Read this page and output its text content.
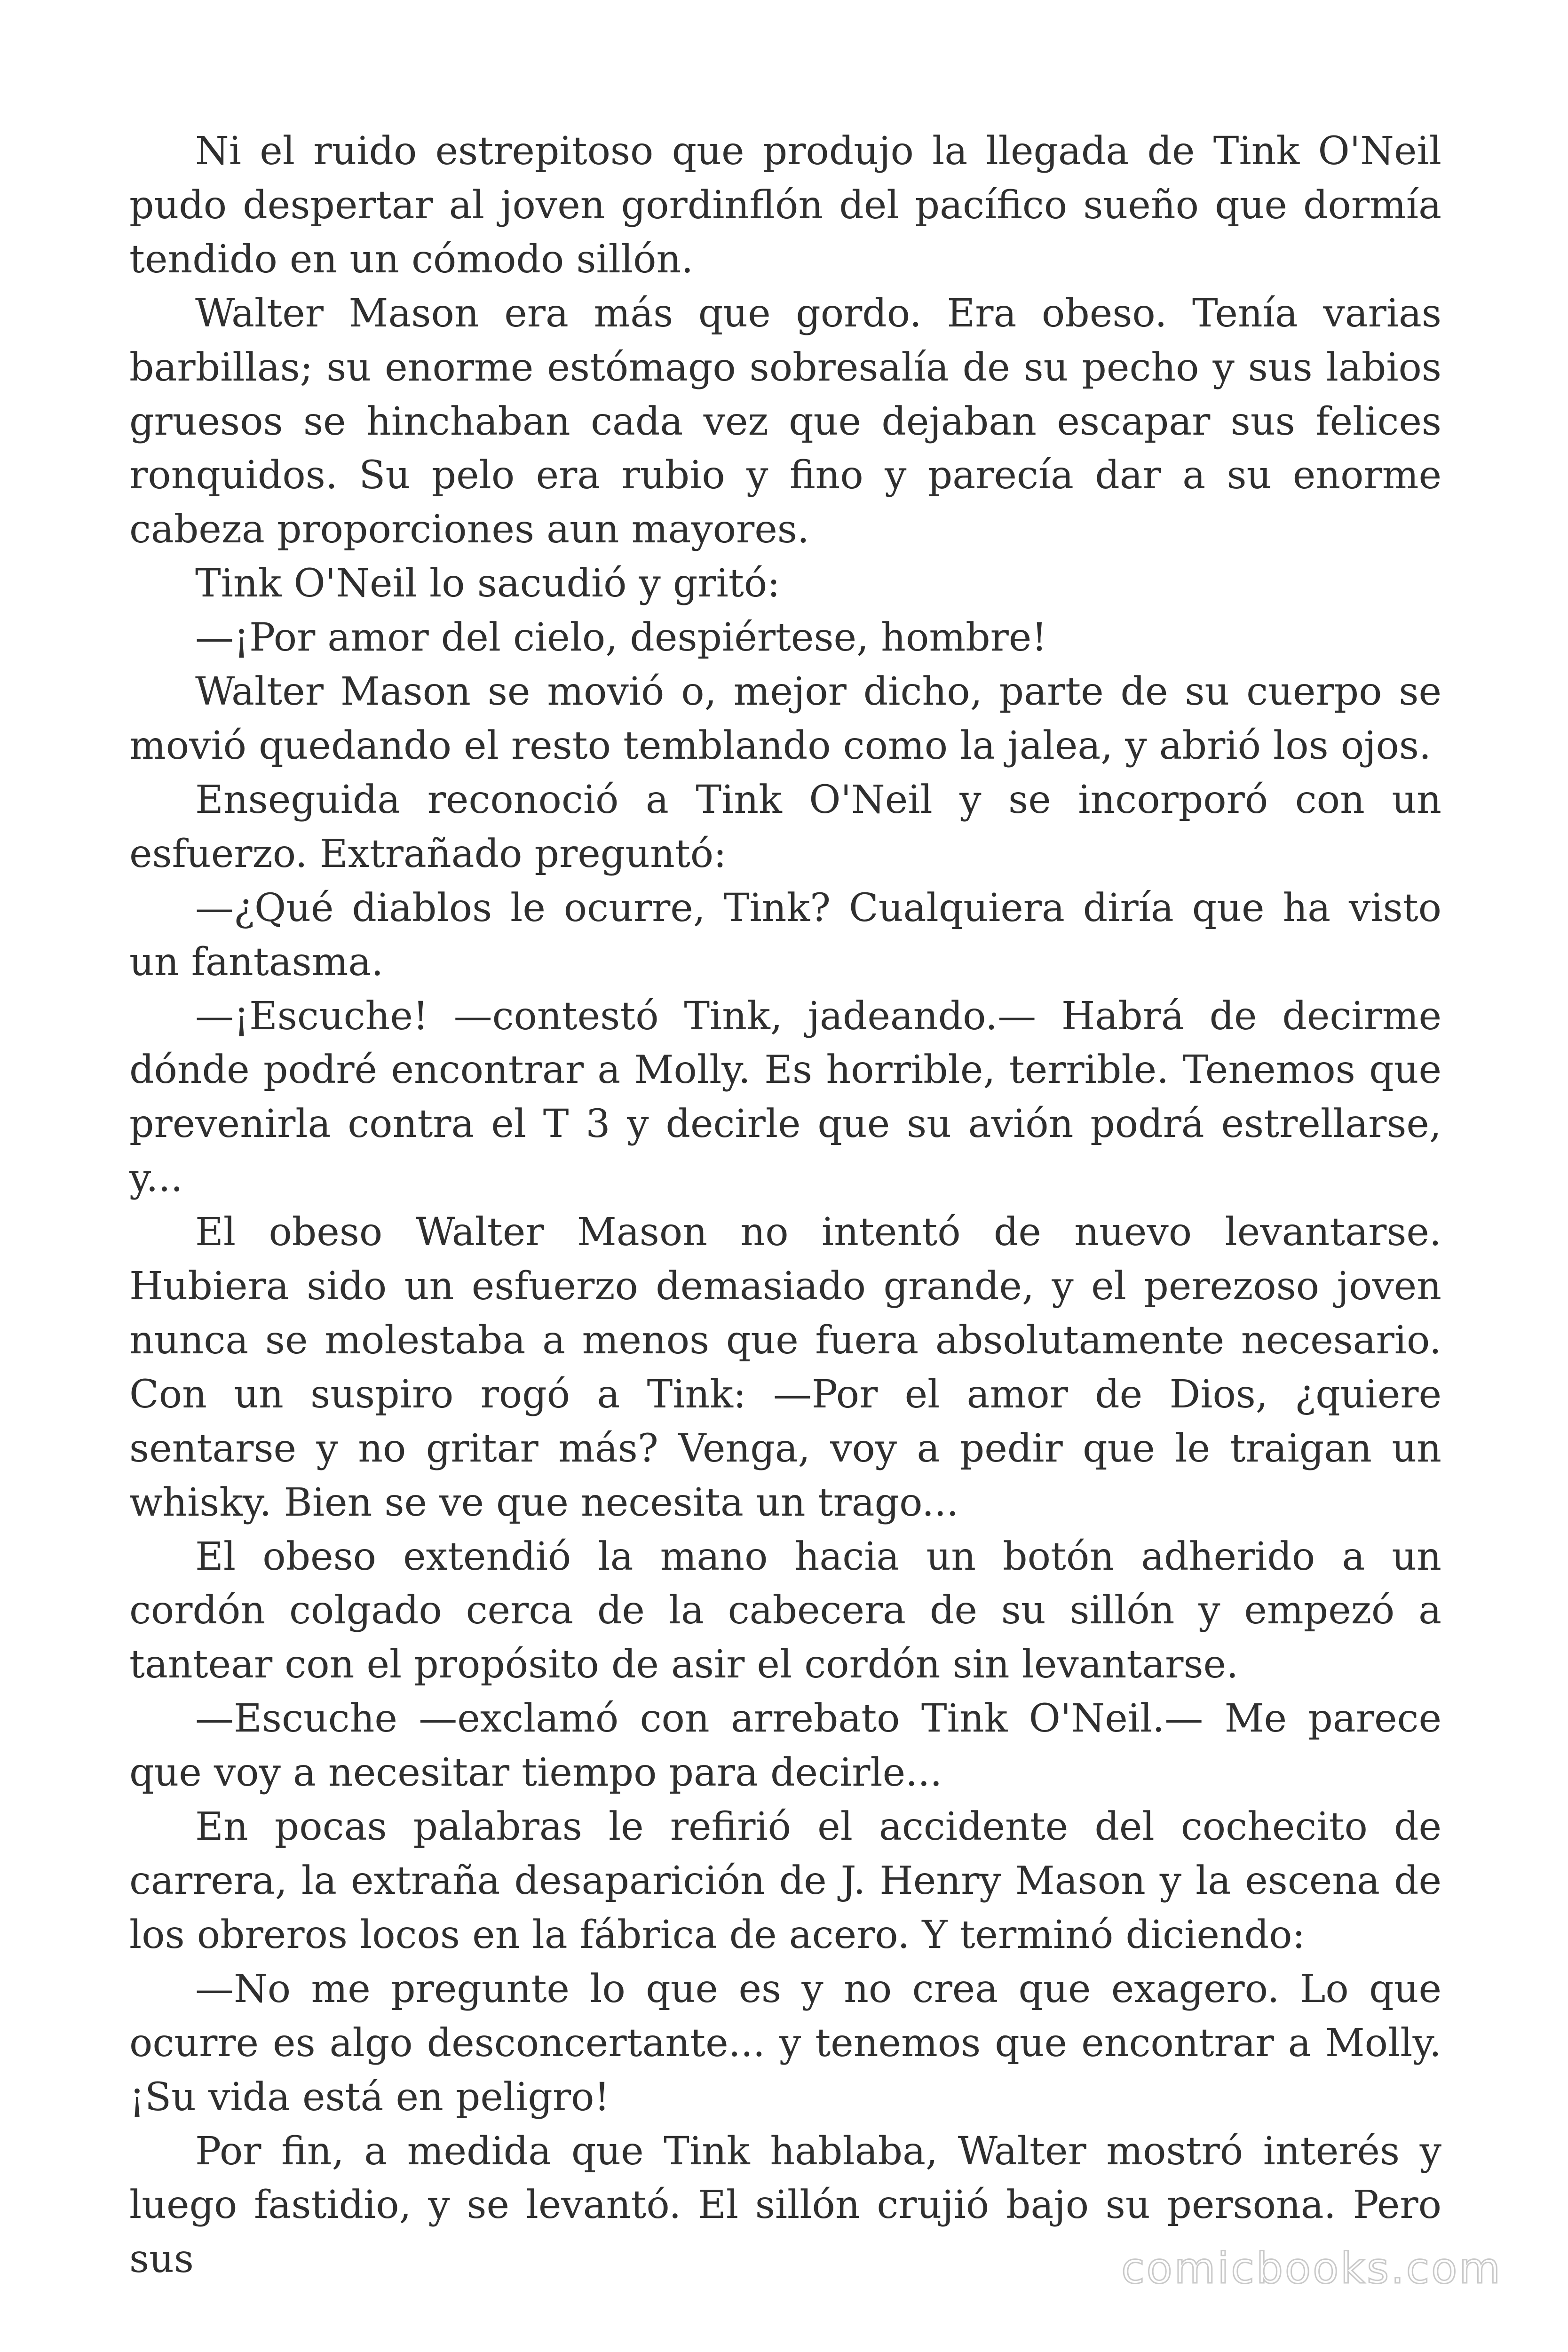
Ni el ruido estrepitoso que produjo la llegada de Tink O'Neil pudo despertar al joven gordinflón del pacífico sueño que dormía tendido en un cómodo sillón.

Walter Mason era más que gordo. Era obeso. Tenía varias barbillas; su enorme estómago sobresalía de su pecho y sus labios gruesos se hinchaban cada vez que dejaban escapar sus felices ronquidos. Su pelo era rubio y fino y parecía dar a su enorme cabeza proporciones aun mayores.

Tink O'Neil lo sacudió y gritó:

—¡Por amor del cielo, despiértese, hombre!

Walter Mason se movió o, mejor dicho, parte de su cuerpo se movió quedando el resto temblando como la jalea, y abrió los ojos.

Enseguida reconoció a Tink O'Neil y se incorporó con un esfuerzo. Extrañado preguntó:

—¿Qué diablos le ocurre, Tink? Cualquiera diría que ha visto un fantasma.

—¡Escuche! —contestó Tink, jadeando.— Habrá de decirme dónde podré encontrar a Molly. Es horrible, terrible. Tenemos que prevenirla contra el T 3 y decirle que su avión podrá estrellarse, y...

El obeso Walter Mason no intentó de nuevo levantarse. Hubiera sido un esfuerzo demasiado grande, y el perezoso joven nunca se molestaba a menos que fuera absolutamente necesario. Con un suspiro rogó a Tink: —Por el amor de Dios, ¿quiere sentarse y no gritar más? Venga, voy a pedir que le traigan un whisky. Bien se ve que necesita un trago...

El obeso extendió la mano hacia un botón adherido a un cordón colgado cerca de la cabecera de su sillón y empezó a tantear con el propósito de asir el cordón sin levantarse.

—Escuche —exclamó con arrebato Tink O'Neil.— Me parece que voy a necesitar tiempo para decirle...

En pocas palabras le refirió el accidente del cochecito de carrera, la extraña desaparición de J. Henry Mason y la escena de los obreros locos en la fábrica de acero. Y terminó diciendo:

—No me pregunte lo que es y no crea que exagero. Lo que ocurre es algo desconcertante... y tenemos que encontrar a Molly. ¡Su vida está en peligro!

Por fin, a medida que Tink hablaba, Walter mostró interés y luego fastidio, y se levantó. El sillón crujió bajo su persona. Pero sus	comicbooks.com
